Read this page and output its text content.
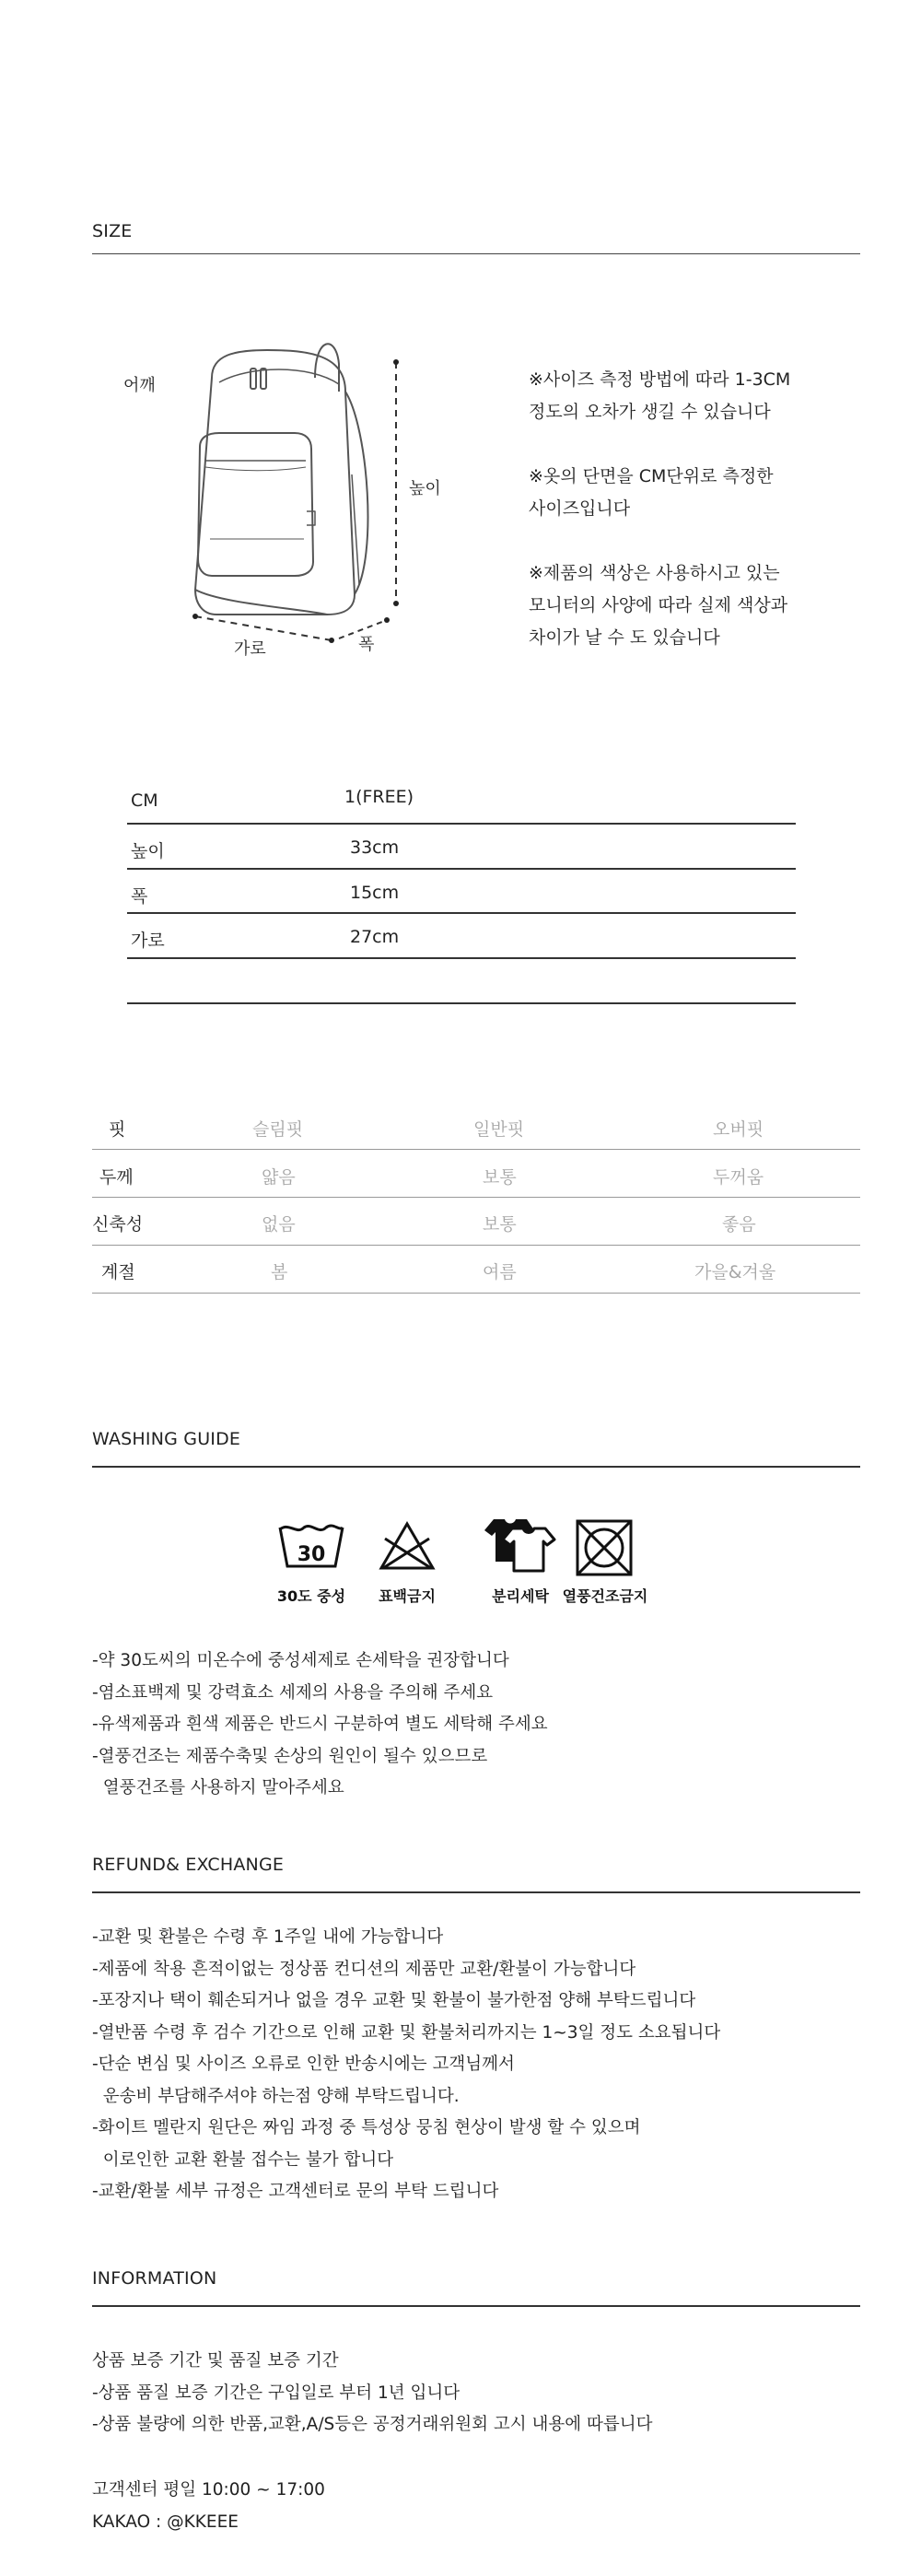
SIZE
어깨
높이
가로	폭
※사이즈 측정 방법에 따라 1-3CM
정도의 오차가 생길 수 있습니다
※옷의 단면을 CM단위로 측정한
사이즈입니다
※제품의 색상은 사용하시고 있는
모니터의 사양에 따라 실제 색상과
차이가 날 수 도 있습니다
CM	1(FREE)
높이	33cm
폭	15cm
가로	27cm
핏	슬림핏	일반핏	오버핏
두께	얇음	보통	두꺼움
신축성	없음	보통	좋음
계절	봄	여름	가을&겨울
WASHING GUIDE
30
30도 중성	표백금지	분리세탁 열풍건조금지

-약 30도씨의 미온수에 중성세제로 손세탁을 권장합니다

-염소표백제 및 강력효소 세제의 사용을 주의해 주세요

-유색제품과 흰색 제품은 반드시 구분하여 별도 세탁해 주세요

-열풍건조는 제품수축및 손상의 원인이 될수 있으므로

열풍건조를 사용하지 말아주세요

REFUND& EXCHANGE

-교환 및 환불은 수령 후 1주일 내에 가능합니다

-제품에 착용 흔적이없는 정상품 컨디션의 제품만 교환/환불이 가능합니다

-포장지나 택이 훼손되거나 없을 경우 교환 및 환불이 불가한점 양해 부탁드립니다

-열반품 수령 후 검수 기간으로 인해 교환 및 환불처리까지는 1~3일 정도 소요됩니다

-단순 변심 및 사이즈 오류로 인한 반송시에는 고객님께서

운송비 부담해주셔야 하는점 양해 부탁드립니다.

-화이트 멜란지 원단은 짜임 과정 중 특성상 뭉침 현상이 발생 할 수 있으며

이로인한 교환 환불 접수는 불가 합니다

-교환/환불 세부 규정은 고객센터로 문의 부탁 드립니다

INFORMATION

상품 보증 기간 및 품질 보증 기간

-상품 품질 보증 기간은 구입일로 부터 1년 입니다

-상품 불량에 의한 반품,교환,A/S등은 공정거래위원회 고시 내용에 따릅니다

고객센터 평일 10:00 ~ 17:00

KAKAO : @KKEEE
